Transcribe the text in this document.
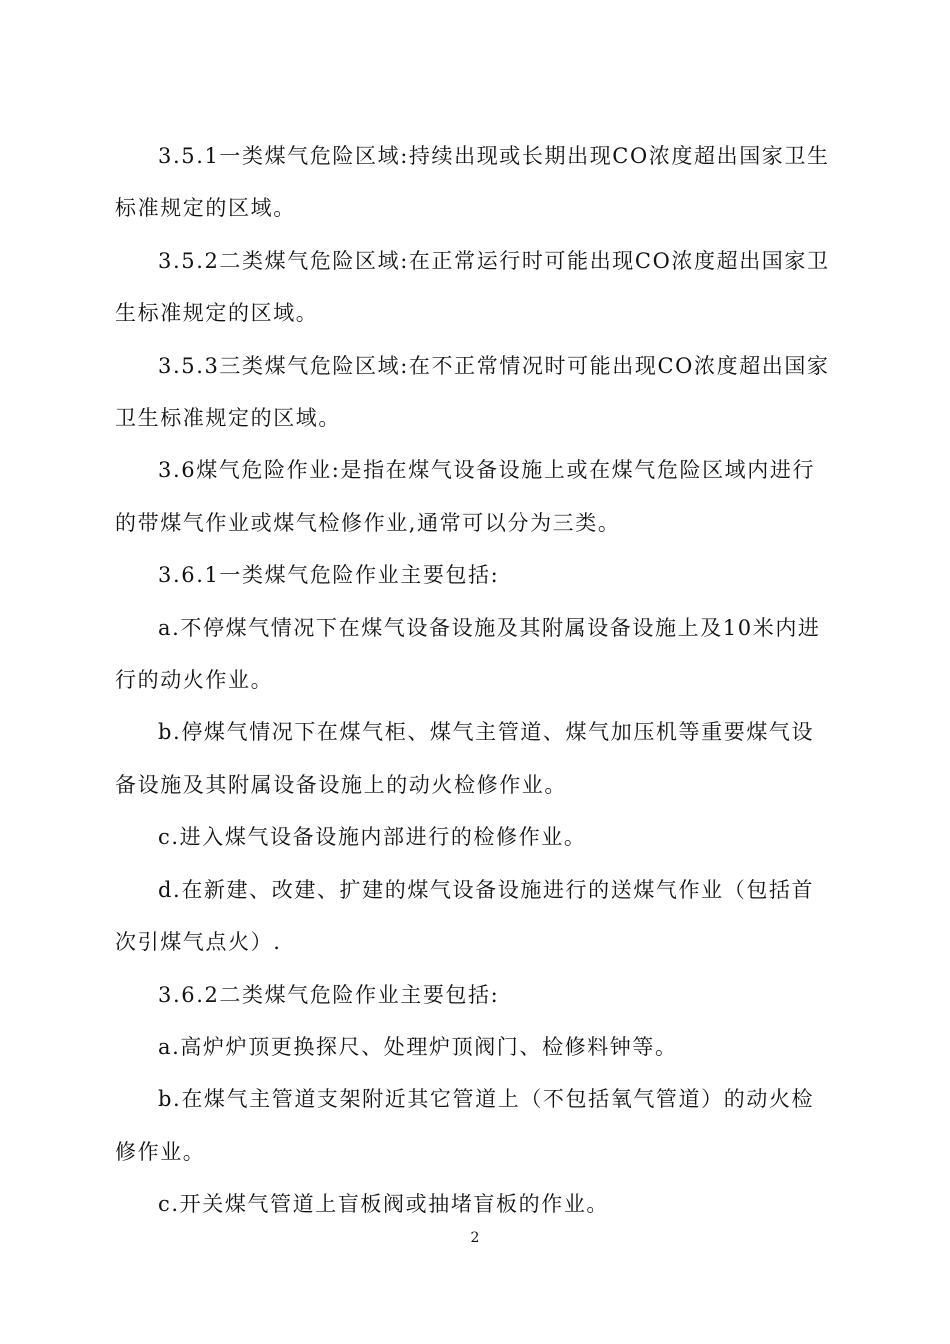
3.5.1一类煤气危险区域:持续出现或长期出现CO浓度超出国家卫生标准规定的区域。

3.5.2二类煤气危险区域:在正常运行时可能出现CO浓度超出国家卫生标准规定的区域。

3.5.3三类煤气危险区域:在不正常情况时可能出现CO浓度超出国家卫生标准规定的区域。

3.6煤气危险作业:是指在煤气设备设施上或在煤气危险区域内进行的带煤气作业或煤气检修作业,通常可以分为三类。

3.6.1一类煤气危险作业主要包括:

a.不停煤气情况下在煤气设备设施及其附属设备设施上及10米内进行的动火作业。

b.停煤气情况下在煤气柜、煤气主管道、煤气加压机等重要煤气设备设施及其附属设备设施上的动火检修作业。

c.进入煤气设备设施内部进行的检修作业。

d.在新建、改建、扩建的煤气设备设施进行的送煤气作业（包括首次引煤气点火）.

3.6.2二类煤气危险作业主要包括:

a.高炉炉顶更换探尺、处理炉顶阀门、检修料钟等。

b.在煤气主管道支架附近其它管道上（不包括氧气管道）的动火检修作业。

c.开关煤气管道上盲板阀或抽堵盲板的作业。

2
